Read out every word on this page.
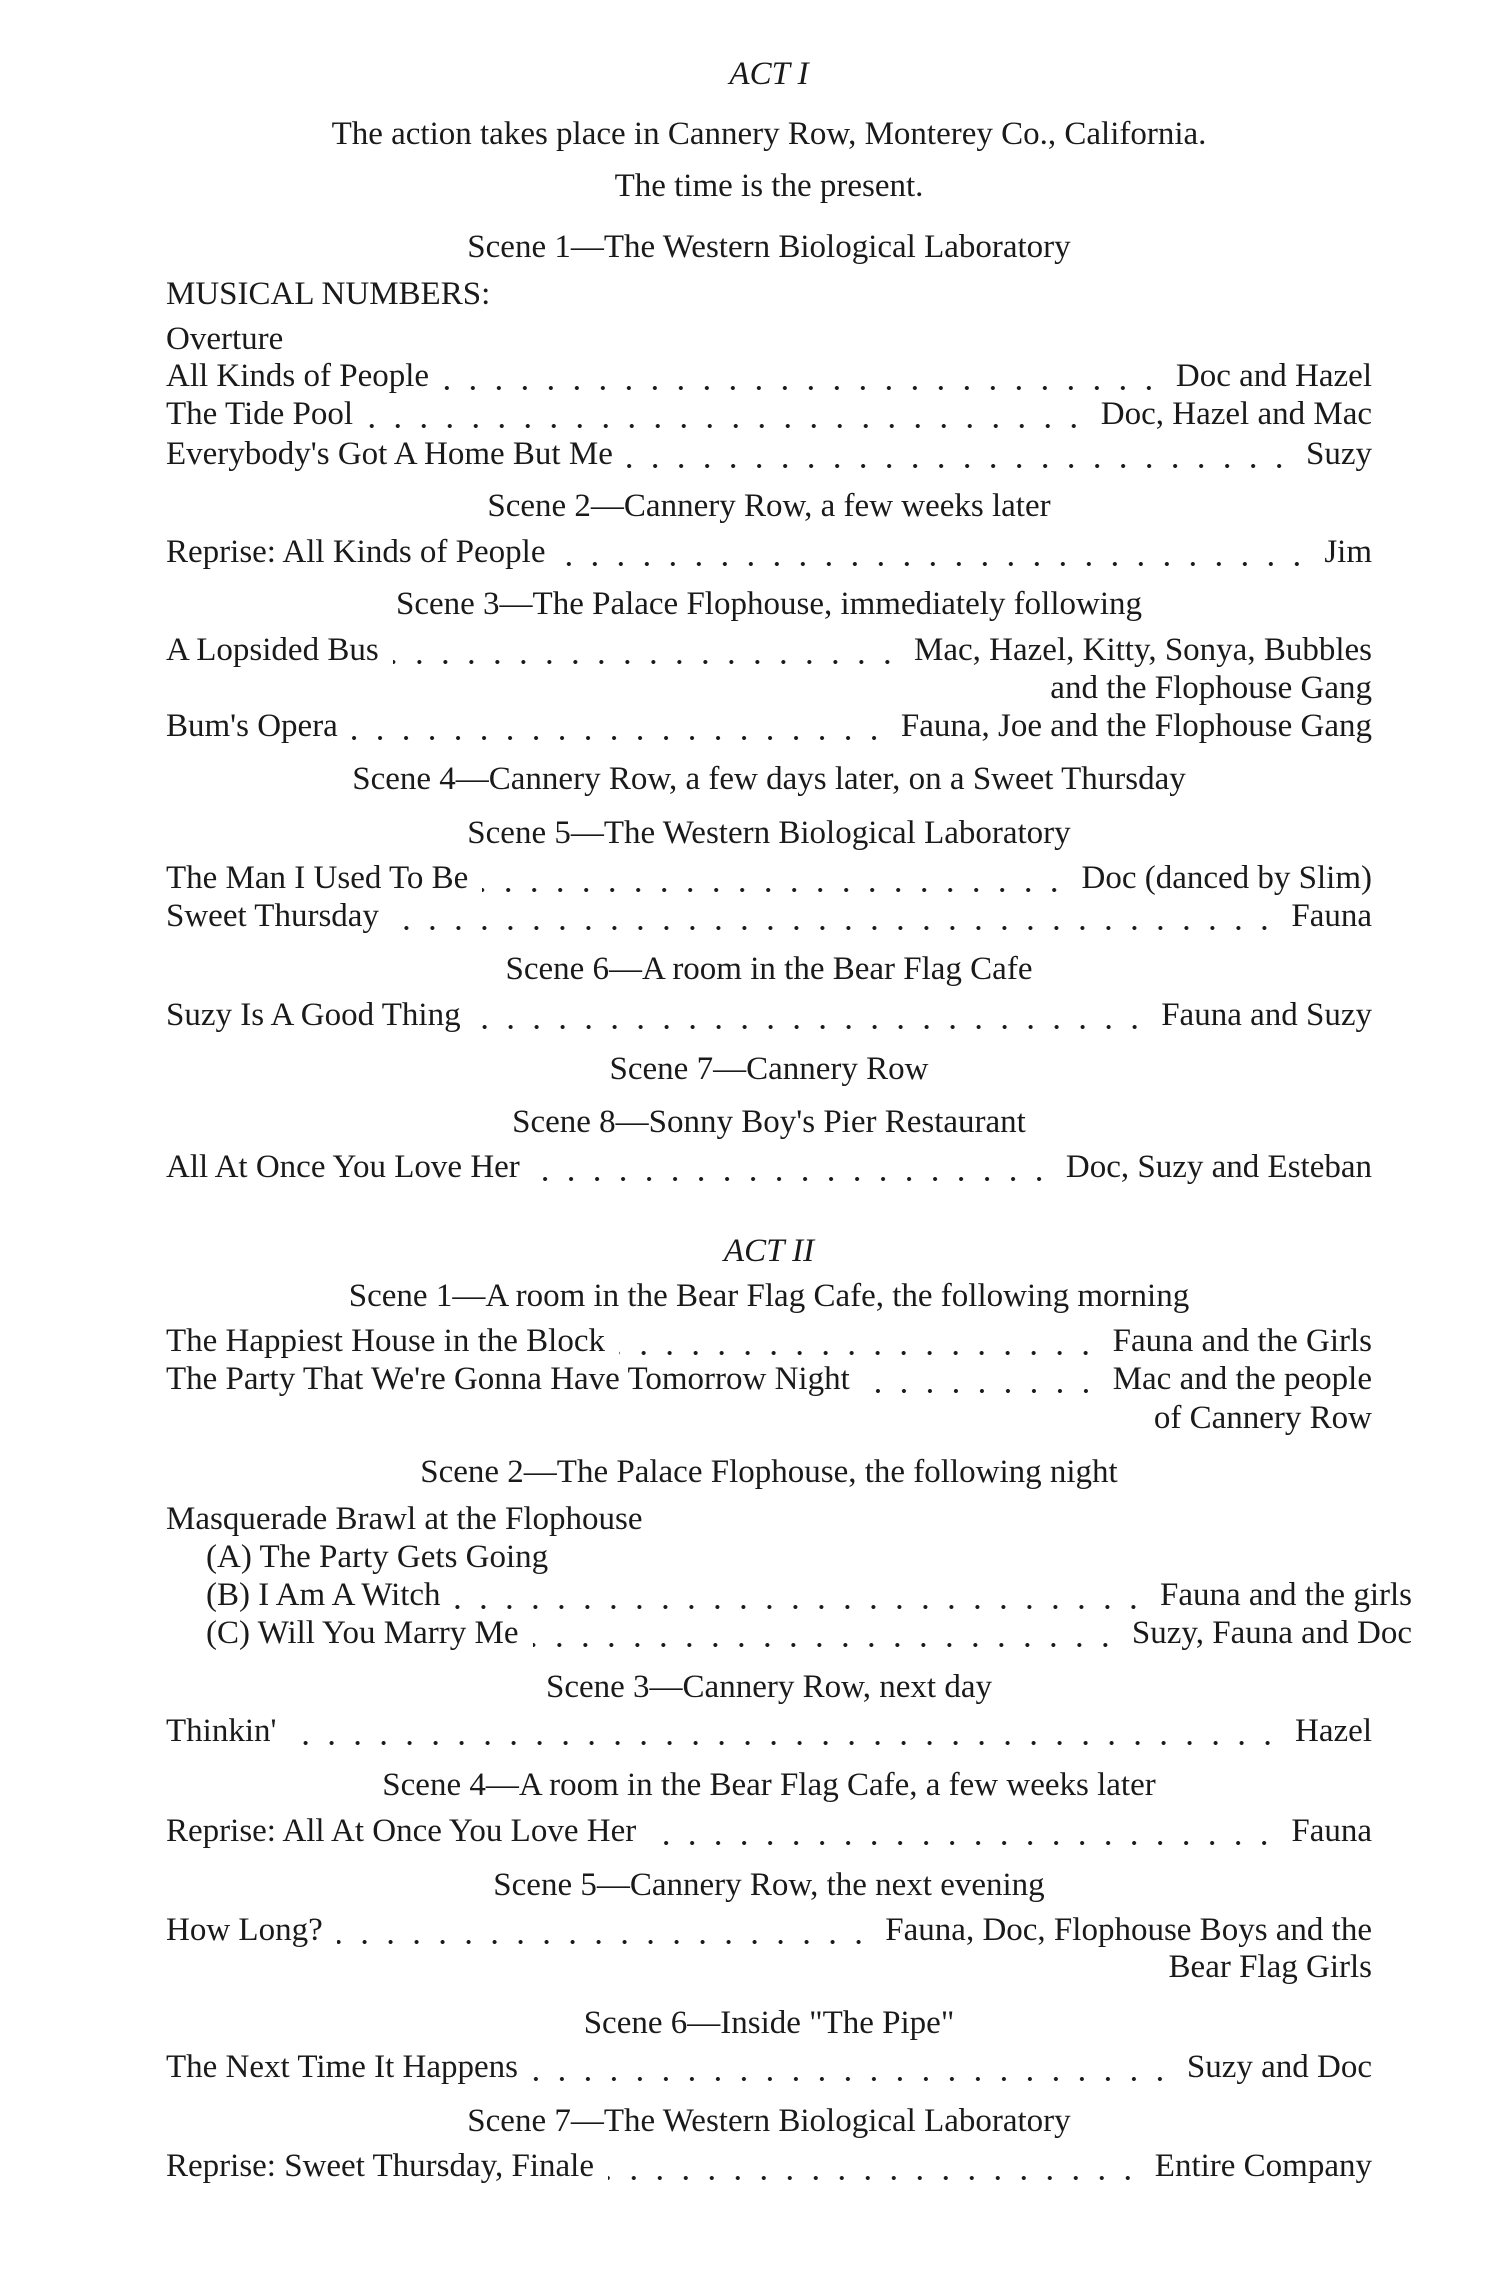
ACT I
The action takes place in Cannery Row, Monterey Co., California.
The time is the present.
Scene 1—The Western Biological Laboratory
MUSICAL NUMBERS:
Overture
All Kinds of People	Doc and Hazel
The Tide Pool	Doc, Hazel and Mac
Everybody's Got A Home But Me	Suzy
Scene 2—Cannery Row, a few weeks later
Reprise: All Kinds of People	Jim
Scene 3—The Palace Flophouse, immediately following
A Lopsided Bus	Mac, Hazel, Kitty, Sonya, Bubbles
and the Flophouse Gang
Bum's Opera	Fauna, Joe and the Flophouse Gang
Scene 4—Cannery Row, a few days later, on a Sweet Thursday
Scene 5—The Western Biological Laboratory
The Man I Used To Be	Doc (danced by Slim)
Sweet Thursday	Fauna
Scene 6—A room in the Bear Flag Cafe
Suzy Is A Good Thing	Fauna and Suzy
Scene 7—Cannery Row
Scene 8—Sonny Boy's Pier Restaurant
All At Once You Love Her	Doc, Suzy and Esteban
ACT II
Scene 1—A room in the Bear Flag Cafe, the following morning
The Happiest House in the Block	Fauna and the Girls
The Party That We're Gonna Have Tomorrow Night	Mac and the people
of Cannery Row
Scene 2—The Palace Flophouse, the following night
Masquerade Brawl at the Flophouse
(A) The Party Gets Going
(B) I Am A Witch	Fauna and the girls
(C) Will You Marry Me	Suzy, Fauna and Doc
Scene 3—Cannery Row, next day
Thinkin'	Hazel
Scene 4—A room in the Bear Flag Cafe, a few weeks later
Reprise: All At Once You Love Her	Fauna
Scene 5—Cannery Row, the next evening
How Long?	Fauna, Doc, Flophouse Boys and the
Bear Flag Girls
Scene 6—Inside "The Pipe"
The Next Time It Happens	Suzy and Doc
Scene 7—The Western Biological Laboratory
Reprise: Sweet Thursday, Finale	Entire Company
